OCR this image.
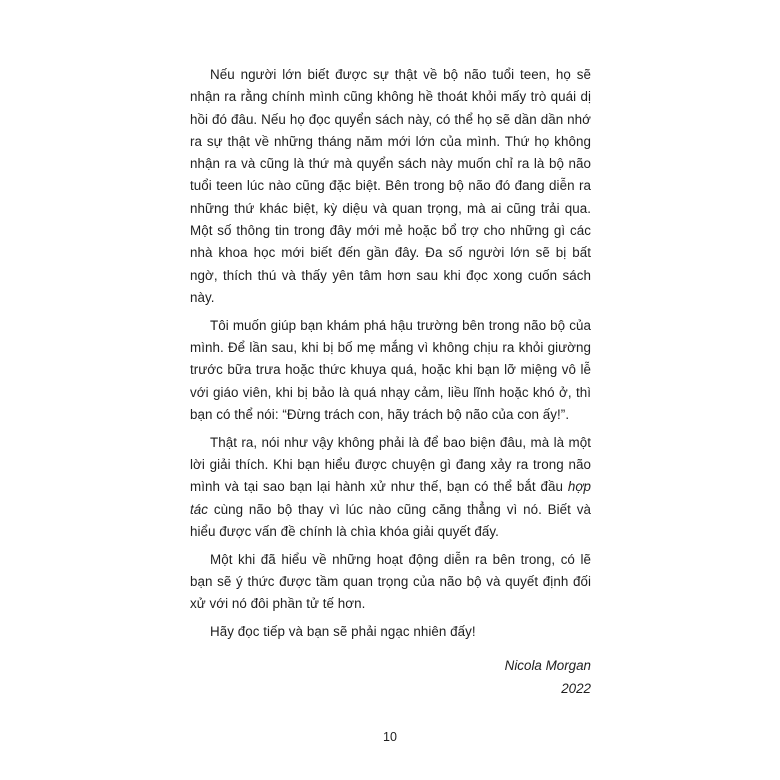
Nếu người lớn biết được sự thật về bộ não tuổi teen, họ sẽ nhận ra rằng chính mình cũng không hề thoát khỏi mấy trò quái dị hồi đó đâu. Nếu họ đọc quyển sách này, có thể họ sẽ dần dần nhớ ra sự thật về những tháng năm mới lớn của mình. Thứ họ không nhận ra và cũng là thứ mà quyển sách này muốn chỉ ra là bộ não tuổi teen lúc nào cũng đặc biệt. Bên trong bộ não đó đang diễn ra những thứ khác biệt, kỳ diệu và quan trọng, mà ai cũng trải qua. Một số thông tin trong đây mới mẻ hoặc bổ trợ cho những gì các nhà khoa học mới biết đến gần đây. Đa số người lớn sẽ bị bất ngờ, thích thú và thấy yên tâm hơn sau khi đọc xong cuốn sách này.

Tôi muốn giúp bạn khám phá hậu trường bên trong não bộ của mình. Để lần sau, khi bị bố mẹ mắng vì không chịu ra khỏi giường trước bữa trưa hoặc thức khuya quá, hoặc khi bạn lỡ miệng vô lễ với giáo viên, khi bị bảo là quá nhạy cảm, liều lĩnh hoặc khó ở, thì bạn có thể nói: “Đừng trách con, hãy trách bộ não của con ấy!”.

Thật ra, nói như vậy không phải là để bao biện đâu, mà là một lời giải thích. Khi bạn hiểu được chuyện gì đang xảy ra trong não mình và tại sao bạn lại hành xử như thế, bạn có thể bắt đầu hợp tác cùng não bộ thay vì lúc nào cũng căng thẳng vì nó. Biết và hiểu được vấn đề chính là chìa khóa giải quyết đấy.

Một khi đã hiểu về những hoạt động diễn ra bên trong, có lẽ bạn sẽ ý thức được tầm quan trọng của não bộ và quyết định đối xử với nó đôi phần tử tế hơn.

Hãy đọc tiếp và bạn sẽ phải ngạc nhiên đấy!

Nicola Morgan
2022
10
